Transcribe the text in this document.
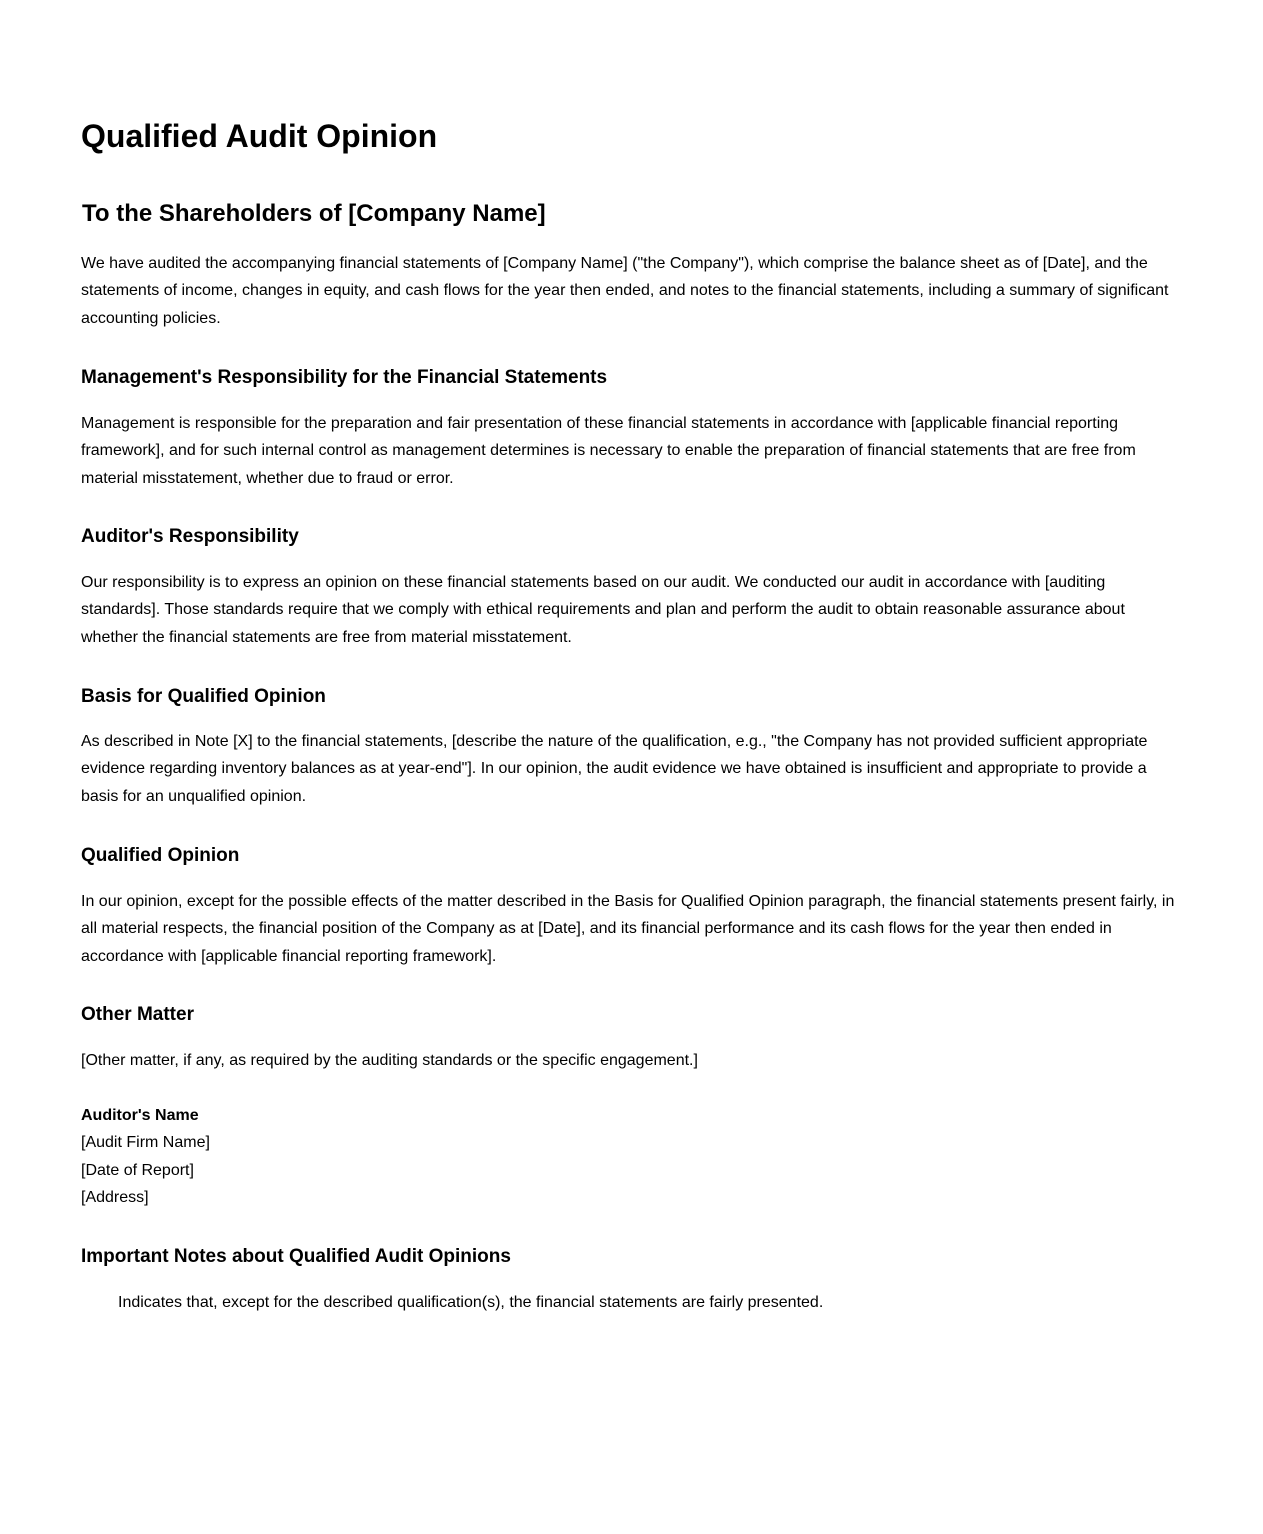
Qualified Audit Opinion
To the Shareholders of [Company Name]

We have audited the accompanying financial statements of [Company Name] ("the Company"), which comprise the balance sheet as of [Date], and the statements of income, changes in equity, and cash flows for the year then ended, and notes to the financial statements, including a summary of significant accounting policies.

Management's Responsibility for the Financial Statements

Management is responsible for the preparation and fair presentation of these financial statements in accordance with [applicable financial reporting framework], and for such internal control as management determines is necessary to enable the preparation of financial statements that are free from material misstatement, whether due to fraud or error.

Auditor's Responsibility

Our responsibility is to express an opinion on these financial statements based on our audit. We conducted our audit in accordance with [auditing standards]. Those standards require that we comply with ethical requirements and plan and perform the audit to obtain reasonable assurance about whether the financial statements are free from material misstatement.

Basis for Qualified Opinion

As described in Note [X] to the financial statements, [describe the nature of the qualification, e.g., "the Company has not provided sufficient appropriate evidence regarding inventory balances as at year-end"]. In our opinion, the audit evidence we have obtained is insufficient and appropriate to provide a basis for an unqualified opinion.

Qualified Opinion

In our opinion, except for the possible effects of the matter described in the Basis for Qualified Opinion paragraph, the financial statements present fairly, in all material respects, the financial position of the Company as at [Date], and its financial performance and its cash flows for the year then ended in accordance with [applicable financial reporting framework].

Other Matter

[Other matter, if any, as required by the auditing standards or the specific engagement.]

Auditor's Name
[Audit Firm Name]
[Date of Report]
[Address]
Important Notes about Qualified Audit Opinions
Indicates that, except for the described qualification(s), the financial statements are fairly presented.
